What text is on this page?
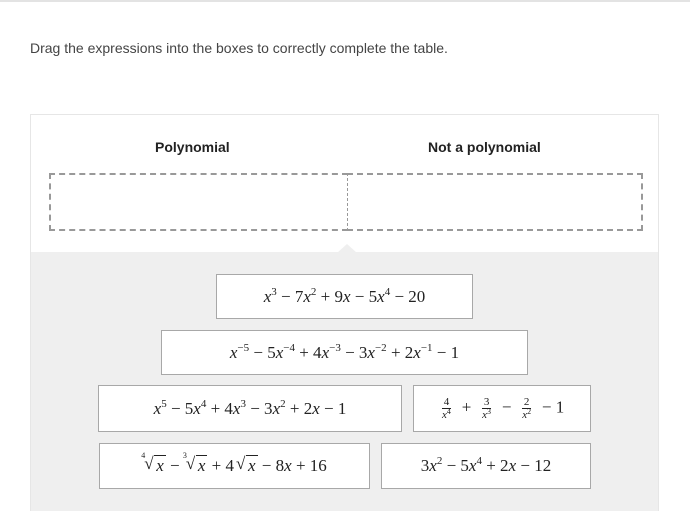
Drag the expressions into the boxes to correctly complete the table.
Polynomial	Not a polynomial
$x^3 - 7x^2 + 9x - 5x^4 - 20$
$x^{-5} - 5x^{-4} + 4x^{-3} - 3x^{-2} + 2x^{-1} - 1$
$x^5 - 5x^4 + 4x^3 - 3x^2 + 2x - 1$	$\frac{4}{x^4} + \frac{3}{x^3} - \frac{2}{x^2} - 1$
√ 4
x −
√ 3
x + 4√ x − 8x + 16	$3x^2 - 5x^4 + 2x - 12$
